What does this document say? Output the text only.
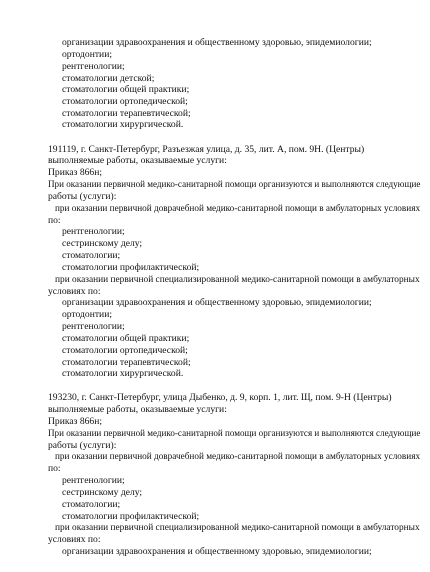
организации здравоохранения и общественному здоровью, эпидемиологии;
ортодонтии;
рентгенологии;
стоматологии детской;
стоматологии общей практики;
стоматологии ортопедической;
стоматологии терапевтической;
стоматологии хирургической.
191119, г. Санкт-Петербург, Разъезжая улица, д. 35, лит. А, пом. 9Н. (Центры)
выполняемые работы, оказываемые услуги:
Приказ 866н;
При оказании первичной медико-санитарной помощи организуются и выполняются следующие
работы (услуги):
при оказании первичной доврачебной медико-санитарной помощи в амбулаторных условиях
по:
рентгенологии;
сестринскому делу;
стоматологии;
стоматологии профилактической;
при оказании первичной специализированной медико-санитарной помощи в амбулаторных
условиях по:
организации здравоохранения и общественному здоровью, эпидемиологии;
ортодонтии;
рентгенологии;
стоматологии общей практики;
стоматологии ортопедической;
стоматологии терапевтической;
стоматологии хирургической.
193230, г. Санкт-Петербург, улица Дыбенко, д. 9, корп. 1, лит. Щ, пом. 9-Н (Центры)
выполняемые работы, оказываемые услуги:
Приказ 866н;
При оказании первичной медико-санитарной помощи организуются и выполняются следующие
работы (услуги):
при оказании первичной доврачебной медико-санитарной помощи в амбулаторных условиях
по:
рентгенологии;
сестринскому делу;
стоматологии;
стоматологии профилактической;
при оказании первичной специализированной медико-санитарной помощи в амбулаторных
условиях по:
организации здравоохранения и общественному здоровью, эпидемиологии;
